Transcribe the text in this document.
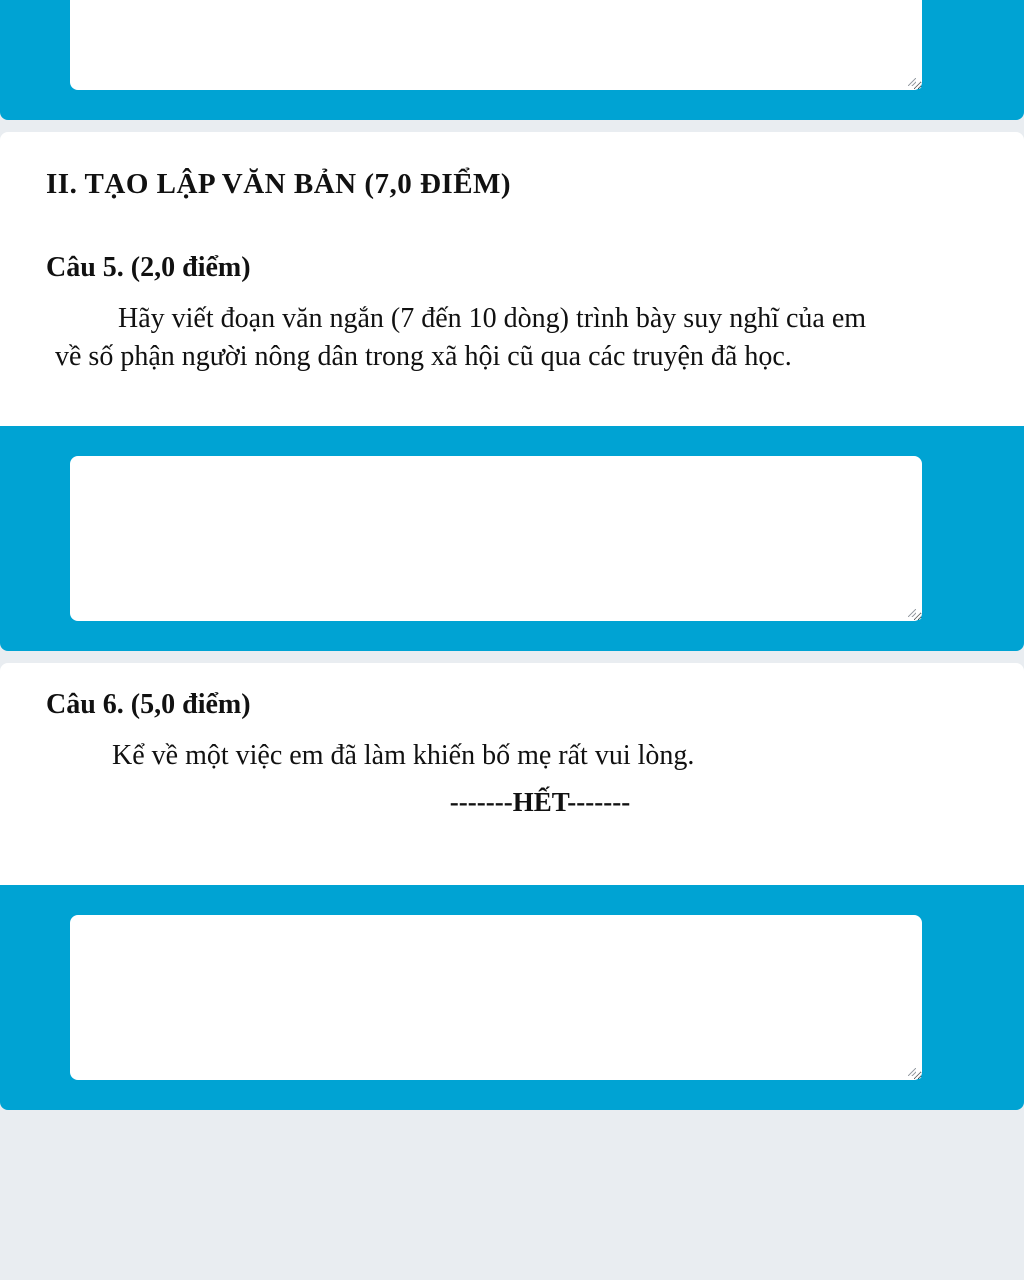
II. TẠO LẬP VĂN BẢN (7,0 ĐIỂM)
Câu 5. (2,0 điểm)

Hãy viết đoạn văn ngắn (7 đến 10 dòng) trình bày suy nghĩ của em

về số phận người nông dân trong xã hội cũ qua các truyện đã học.

Câu 6. (5,0 điểm)

Kể về một việc em đã làm khiến bố mẹ rất vui lòng.

-------HẾT-------
